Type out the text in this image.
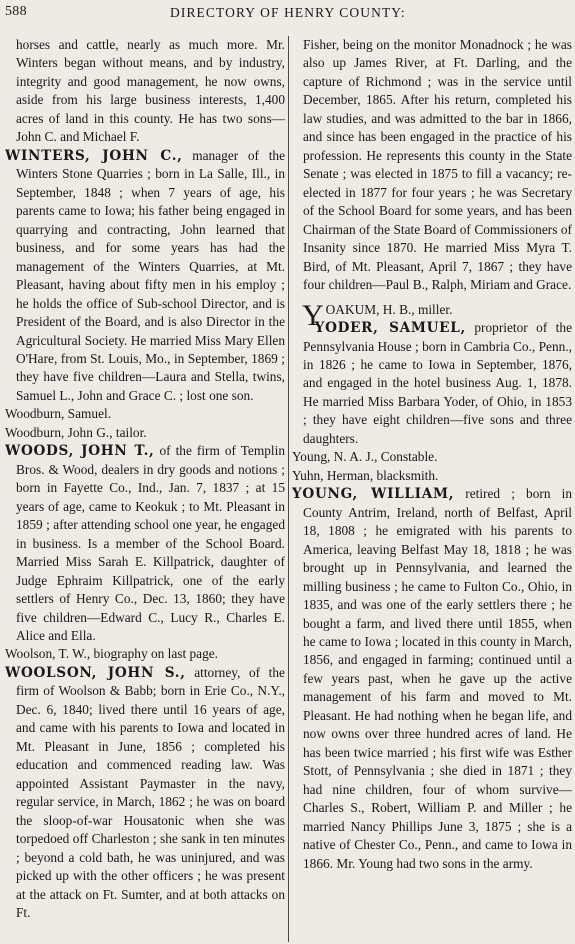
588	DIRECTORY OF HENRY COUNTY:

horses and cattle, nearly as much more. Mr. Winters began without means, and by industry, integrity and good management, he now owns, aside from his large business interests, 1,400 acres of land in this county. He has two sons—John C. and Michael F.

WINTERS, JOHN C., manager of the Winters Stone Quarries ; born in La Salle, Ill., in September, 1848 ; when 7 years of age, his parents came to Iowa; his father being engaged in quarrying and contracting, John learned that business, and for some years has had the management of the Winters Quarries, at Mt. Pleasant, having about fifty men in his employ ; he holds the office of Sub-school Director, and is President of the Board, and is also Director in the Agricultural Society. He married Miss Mary Ellen O'Hare, from St. Louis, Mo., in September, 1869 ; they have five children—Laura and Stella, twins, Samuel L., John and Grace C. ; lost one son.

Woodburn, Samuel.

Woodburn, John G., tailor.

WOODS, JOHN T., of the firm of Templin Bros. & Wood, dealers in dry goods and notions ; born in Fayette Co., Ind., Jan. 7, 1837 ; at 15 years of age, came to Keokuk ; to Mt. Pleasant in 1859 ; after attending school one year, he engaged in business. Is a member of the School Board. Married Miss Sarah E. Killpatrick, daughter of Judge Ephraim Killpatrick, one of the early settlers of Henry Co., Dec. 13, 1860; they have five children—Edward C., Lucy R., Charles E. Alice and Ella.

Woolson, T. W., biography on last page.

WOOLSON, JOHN S., attorney, of the firm of Woolson & Babb; born in Erie Co., N.Y., Dec. 6, 1840; lived there until 16 years of age, and came with his parents to Iowa and located in Mt. Pleasant in June, 1856 ; completed his education and commenced reading law. Was appointed Assistant Paymaster in the navy, regular service, in March, 1862 ; he was on board the sloop-of-war Housatonic when she was torpedoed off Charleston ; she sank in ten minutes ; beyond a cold bath, he was uninjured, and was picked up with the other officers ; he was present at the attack on Ft. Sumter, and at both attacks on Ft.

Fisher, being on the monitor Monadnock ; he was also up James River, at Ft. Darling, and the capture of Richmond ; was in the service until December, 1865. After his return, completed his law studies, and was admitted to the bar in 1866, and since has been engaged in the practice of his profession. He represents this county in the State Senate ; was elected in 1875 to fill a vacancy; re-elected in 1877 for four years ; he was Secretary of the School Board for some years, and has been Chairman of the State Board of Commissioners of Insanity since 1870. He married Miss Myra T. Bird, of Mt. Pleasant, April 7, 1867 ; they have four children—Paul B., Ralph, Miriam and Grace.

YOAKUM, H. B., miller.

YODER, SAMUEL, proprietor of the Pennsylvania House ; born in Cambria Co., Penn., in 1826 ; he came to Iowa in September, 1876, and engaged in the hotel business Aug. 1, 1878. He married Miss Barbara Yoder, of Ohio, in 1853 ; they have eight children—five sons and three daughters.

Young, N. A. J., Constable.

Yuhn, Herman, blacksmith.

YOUNG, WILLIAM, retired ; born in County Antrim, Ireland, north of Belfast, April 18, 1808 ; he emigrated with his parents to America, leaving Belfast May 18, 1818 ; he was brought up in Pennsylvania, and learned the milling business ; he came to Fulton Co., Ohio, in 1835, and was one of the early settlers there ; he bought a farm, and lived there until 1855, when he came to Iowa ; located in this county in March, 1856, and engaged in farming; continued until a few years past, when he gave up the active management of his farm and moved to Mt. Pleasant. He had nothing when he began life, and now owns over three hundred acres of land. He has been twice married ; his first wife was Esther Stott, of Pennsylvania ; she died in 1871 ; they had nine children, four of whom survive—Charles S., Robert, William P. and Miller ; he married Nancy Phillips June 3, 1875 ; she is a native of Chester Co., Penn., and came to Iowa in 1866. Mr. Young had two sons in the army.
